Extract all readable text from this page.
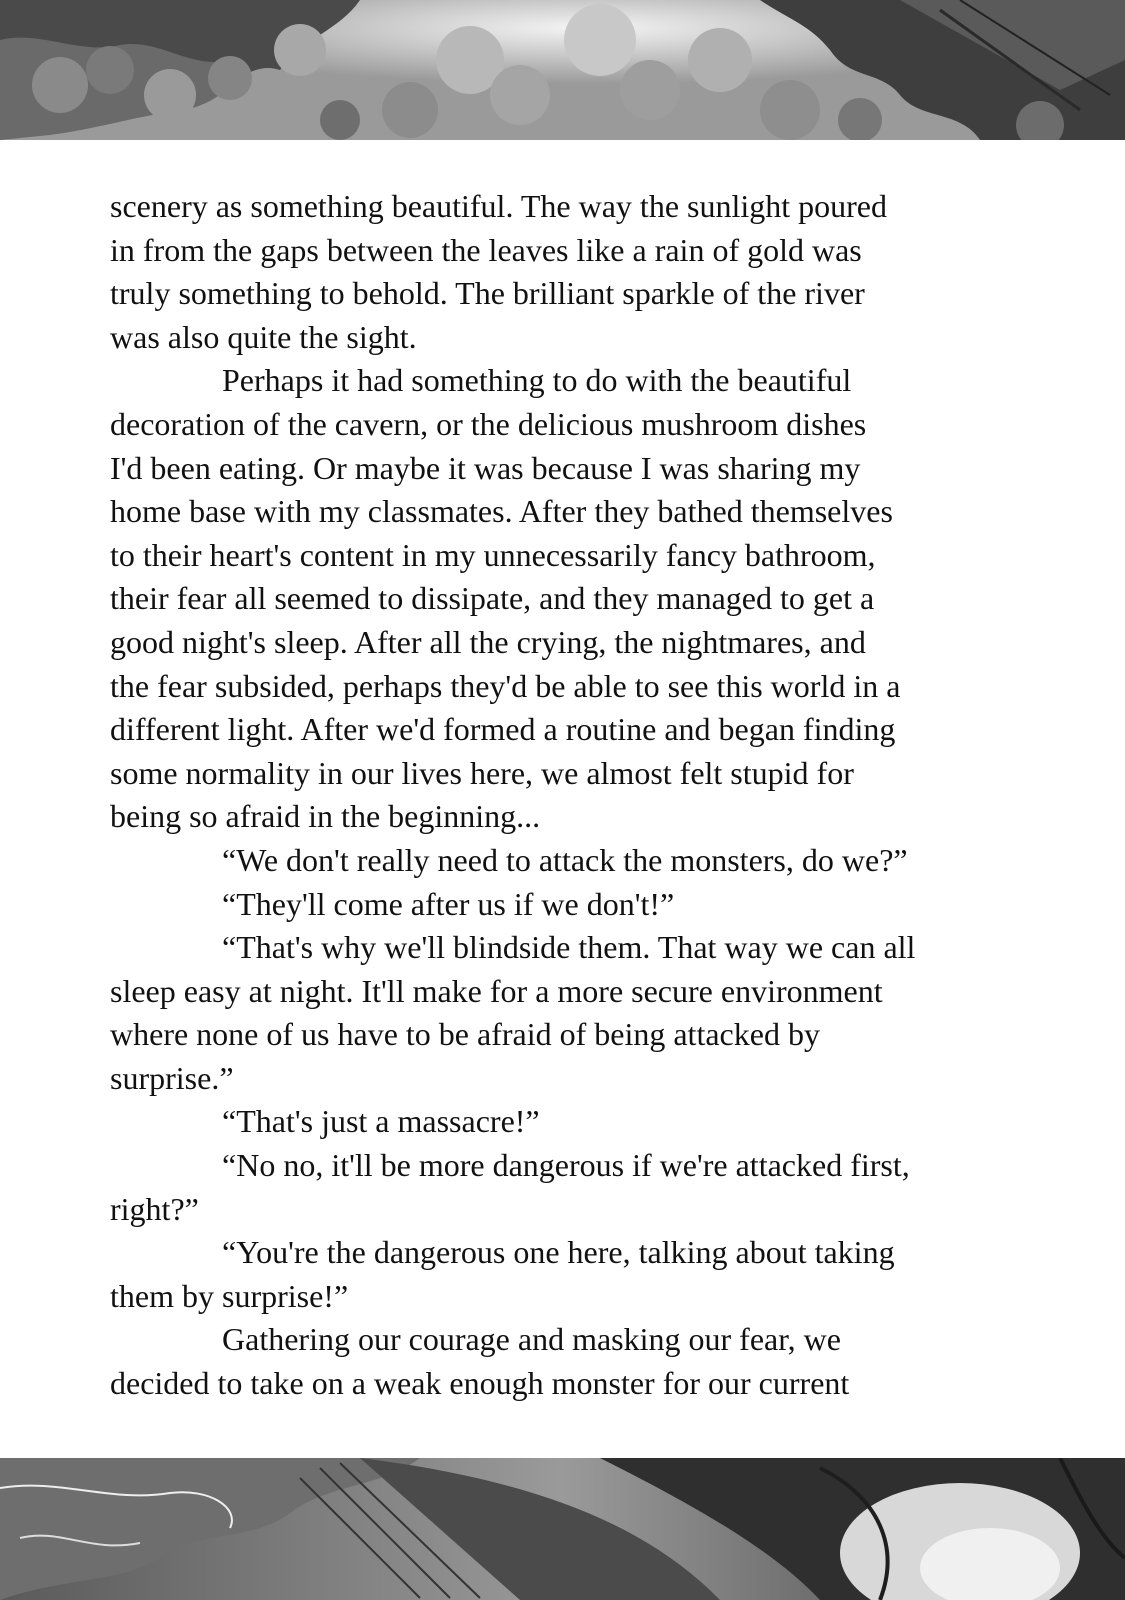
scenery as something beautiful. The way the sunlight poured
in from the gaps between the leaves like a rain of gold was
truly something to behold. The brilliant sparkle of the river
was also quite the sight.
Perhaps it had something to do with the beautiful
decoration of the cavern, or the delicious mushroom dishes
I'd been eating. Or maybe it was because I was sharing my
home base with my classmates. After they bathed themselves
to their heart's content in my unnecessarily fancy bathroom,
their fear all seemed to dissipate, and they managed to get a
good night's sleep. After all the crying, the nightmares, and
the fear subsided, perhaps they'd be able to see this world in a
different light. After we'd formed a routine and began finding
some normality in our lives here, we almost felt stupid for
being so afraid in the beginning...
“We don't really need to attack the monsters, do we?”
“They'll come after us if we don't!”
“That's why we'll blindside them. That way we can all
sleep easy at night. It'll make for a more secure environment
where none of us have to be afraid of being attacked by
surprise.”
“That's just a massacre!”
“No no, it'll be more dangerous if we're attacked first,
right?”
“You're the dangerous one here, talking about taking
them by surprise!”
Gathering our courage and masking our fear, we
decided to take on a weak enough monster for our current
